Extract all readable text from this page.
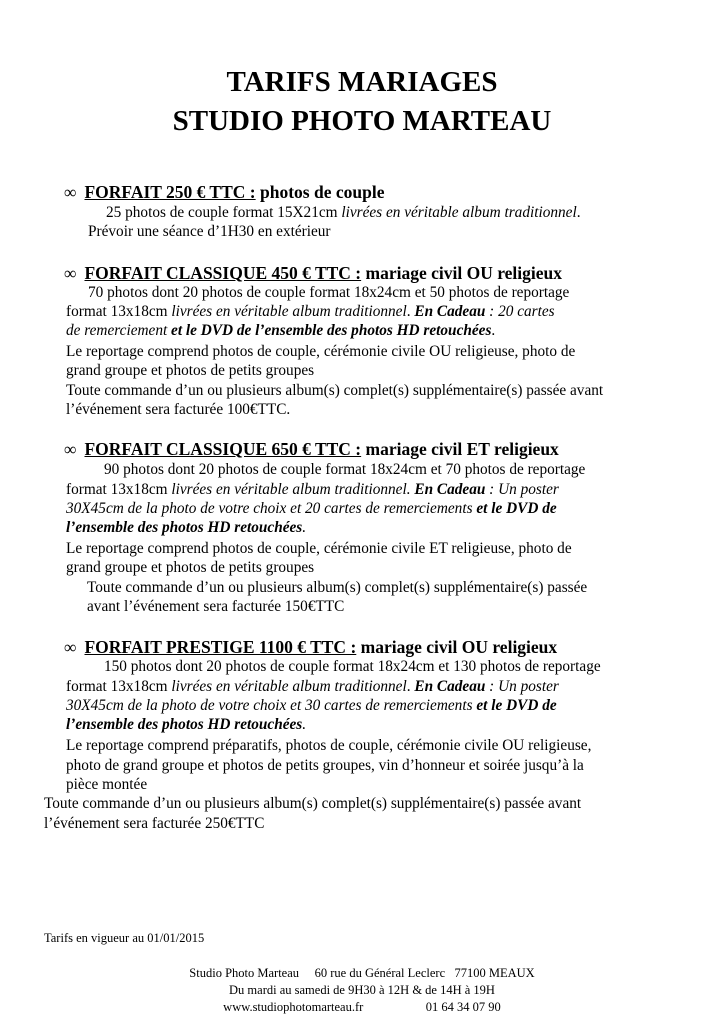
TARIFS MARIAGES
STUDIO PHOTO MARTEAU
∞ FORFAIT 250 € TTC : photos de couple
25 photos de couple format 15X21cm livrées en véritable album traditionnel.
Prévoir une séance d’1H30 en extérieur
∞ FORFAIT CLASSIQUE 450 € TTC : mariage civil OU religieux
70 photos dont 20 photos de couple format 18x24cm et 50 photos de reportage
format 13x18cm livrées en véritable album traditionnel. En Cadeau : 20 cartes
de remerciement et le DVD de l’ensemble des photos HD retouchées.
Le reportage comprend photos de couple, cérémonie civile OU religieuse, photo de
grand groupe et photos de petits groupes
Toute commande d’un ou plusieurs album(s) complet(s) supplémentaire(s) passée avant
l’événement sera facturée 100€TTC.
∞ FORFAIT CLASSIQUE 650 € TTC : mariage civil ET religieux
90 photos dont 20 photos de couple format 18x24cm et 70 photos de reportage
format 13x18cm livrées en véritable album traditionnel. En Cadeau : Un poster
30X45cm de la photo de votre choix et 20 cartes de remerciements et le DVD de
l’ensemble des photos HD retouchées.
Le reportage comprend photos de couple, cérémonie civile ET religieuse, photo de
grand groupe et photos de petits groupes
Toute commande d’un ou plusieurs album(s) complet(s) supplémentaire(s) passée
avant l’événement sera facturée 150€TTC
∞ FORFAIT PRESTIGE 1100 € TTC : mariage civil OU religieux
150 photos dont 20 photos de couple format 18x24cm et 130 photos de reportage
format 13x18cm livrées en véritable album traditionnel. En Cadeau : Un poster
30X45cm de la photo de votre choix et 30 cartes de remerciements et le DVD de
l’ensemble des photos HD retouchées.
Le reportage comprend préparatifs, photos de couple, cérémonie civile OU religieuse,
photo de grand groupe et photos de petits groupes, vin d’honneur et soirée jusqu’à la
pièce montée
Toute commande d’un ou plusieurs album(s) complet(s) supplémentaire(s) passée avant
l’événement sera facturée 250€TTC
Tarifs en vigueur au 01/01/2015
Studio Photo Marteau     60 rue du Général Leclerc   77100 MEAUX
Du mardi au samedi de 9H30 à 12H & de 14H à 19H
www.studiophotomarteau.fr                    01 64 34 07 90
